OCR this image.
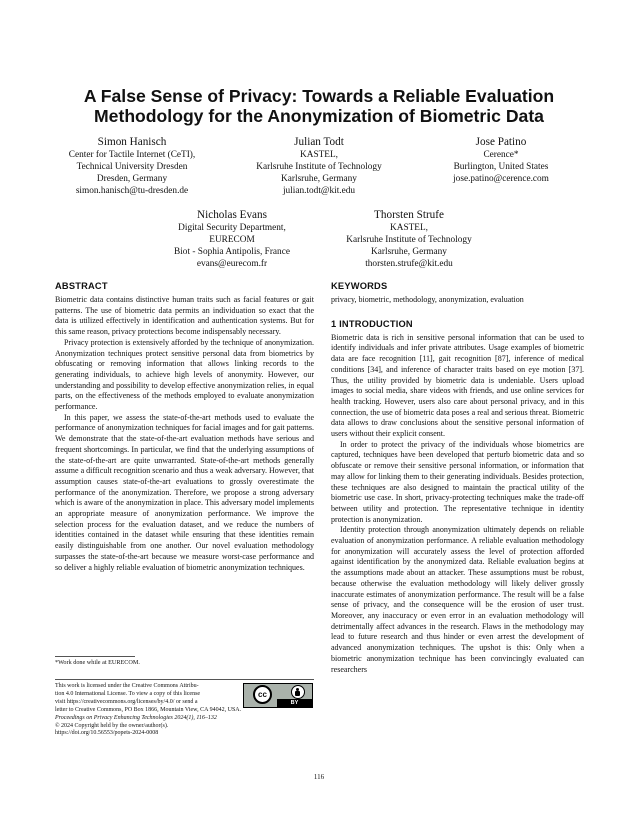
A False Sense of Privacy: Towards a Reliable Evaluation
Methodology for the Anonymization of Biometric Data
Simon Hanisch
Center for Tactile Internet (CeTI),
Technical University Dresden
Dresden, Germany
simon.hanisch@tu-dresden.de
Julian Todt
KASTEL,
Karlsruhe Institute of Technology
Karlsruhe, Germany
julian.todt@kit.edu
Jose Patino
Cerence*
Burlington, United States
jose.patino@cerence.com
Nicholas Evans
Digital Security Department,
EURECOM
Biot - Sophia Antipolis, France
evans@eurecom.fr
Thorsten Strufe
KASTEL,
Karlsruhe Institute of Technology
Karlsruhe, Germany
thorsten.strufe@kit.edu
ABSTRACT

Biometric data contains distinctive human traits such as facial features or gait patterns. The use of biometric data permits an individuation so exact that the data is utilized effectively in identification and authentication systems. But for this same reason, privacy protections become indispensably necessary.

Privacy protection is extensively afforded by the technique of anonymization. Anonymization techniques protect sensitive personal data from biometrics by obfuscating or removing information that allows linking records to the generating individuals, to achieve high levels of anonymity. However, our understanding and possibility to develop effective anonymization relies, in equal parts, on the effectiveness of the methods employed to evaluate anonymization performance.

In this paper, we assess the state-of-the-art methods used to evaluate the performance of anonymization techniques for facial images and for gait patterns. We demonstrate that the state-of-the-art evaluation methods have serious and frequent shortcomings. In particular, we find that the underlying assumptions of the state-of-the-art are quite unwarranted. State-of-the-art methods generally assume a difficult recognition scenario and thus a weak adversary. However, that assumption causes state-of-the-art evaluations to grossly overestimate the performance of the anonymization. Therefore, we propose a strong adversary which is aware of the anonymization in place. This adversary model implements an appropriate measure of anonymization performance. We improve the selection process for the evaluation dataset, and we reduce the numbers of identities contained in the dataset while ensuring that these identities remain easily distinguishable from one another. Our novel evaluation methodology surpasses the state-of-the-art because we measure worst-case performance and so deliver a highly reliable evaluation of biometric anonymization techniques.

*Work done while at EURECOM.
This work is licensed under the Creative Commons Attribu-
tion 4.0 International License. To view a copy of this license
visit https://creativecommons.org/licenses/by/4.0/ or send a
letter to Creative Commons, PO Box 1866, Mountain View, CA 94042, USA.
Proceedings on Privacy Enhancing Technologies 2024(1), 116–132
© 2024 Copyright held by the owner/author(s).
https://doi.org/10.56553/popets-2024-0008
cc
BY
KEYWORDS

privacy, biometric, methodology, anonymization, evaluation

1 INTRODUCTION

Biometric data is rich in sensitive personal information that can be used to identify individuals and infer private attributes. Usage examples of biometric data are face recognition [11], gait recognition [87], inference of medical conditions [34], and inference of character traits based on eye motion [37]. Thus, the utility provided by biometric data is undeniable. Users upload images to social media, share videos with friends, and use online services for health tracking. However, users also care about personal privacy, and in this connection, the use of biometric data poses a real and serious threat. Biometric data allows to draw conclusions about the sensitive personal information of users without their explicit consent.

In order to protect the privacy of the individuals whose biometrics are captured, techniques have been developed that perturb biometric data and so obfuscate or remove their sensitive personal information, or information that may allow for linking them to their generating individuals. Besides protection, these techniques are also designed to maintain the practical utility of the biometric use case. In short, privacy-protecting techniques make the trade-off between utility and protection. The representative technique in identity protection is anonymization.

Identity protection through anonymization ultimately depends on reliable evaluation of anonymization performance. A reliable evaluation methodology for anonymization will accurately assess the level of protection afforded against identification by the anonymized data. Reliable evaluation begins at the assumptions made about an attacker. These assumptions must be robust, because otherwise the evaluation methodology will likely deliver grossly inaccurate estimates of anonymization performance. The result will be a false sense of privacy, and the consequence will be the erosion of user trust. Moreover, any inaccuracy or even error in an evaluation methodology will detrimentally affect advances in the research. Flaws in the methodology may lead to future research and thus hinder or even arrest the development of advanced anonymization techniques. The upshot is this: Only when a biometric anonymization technique has been convincingly evaluated can researchers

116
